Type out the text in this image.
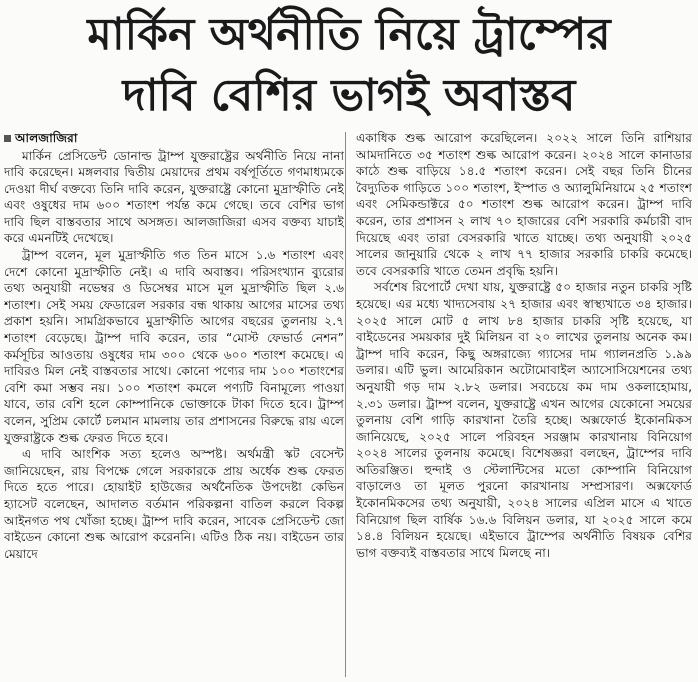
মার্কিন অর্থনীতি নিয়ে ট্রাম্পের
দাবি বেশির ভাগই অবাস্তব
আলজাজিরা

মার্কিন প্রেসিডেন্ট ডোনাল্ড ট্রাম্প যুক্তরাষ্ট্রের অর্থনীতি নিয়ে নানা দাবি করেছেন। মঙ্গলবার দ্বিতীয় মেয়াদের প্রথম বর্ষপূর্তিতে গণমাধ্যমকে দেওয়া দীর্ঘ বক্তব্যে তিনি দাবি করেন, যুক্তরাষ্ট্রে কোনো মুদ্রাস্ফীতি নেই এবং ওষুধের দাম ৬০০ শতাংশ পর্যন্ত কমে গেছে। তবে বেশির ভাগ দাবি ছিল বাস্তবতার সাথে অসঙ্গত। আলজাজিরা এসব বক্তব্য যাচাই করে এমনটিই দেখেছে।

ট্রাম্প বলেন, মূল মুদ্রাস্ফীতি গত তিন মাসে ১.৬ শতাংশ এবং দেশে কোনো মুদ্রাস্ফীতি নেই। এ দাবি অবাস্তব। পরিসংখ্যান ব্যুরোর তথ্য অনুযায়ী নভেম্বর ও ডিসেম্বর মাসে মূল মুদ্রাস্ফীতি ছিল ২.৬ শতাংশ। সেই সময় ফেডারেল সরকার বন্ধ থাকায় আগের মাসের তথ্য প্রকাশ হয়নি। সামগ্রিকভাবে মুদ্রাস্ফীতি আগের বছরের তুলনায় ২.৭ শতাংশ বেড়েছে। ট্রাম্প দাবি করেন, তার “মোস্ট ফেভার্ড নেশন” কর্মসূচির আওতায় ওষুধের দাম ৩০০ থেকে ৬০০ শতাংশ কমেছে। এ দাবিরও মিল নেই বাস্তবতার সাথে। কোনো পণ্যের দাম ১০০ শতাংশের বেশি কমা সম্ভব নয়। ১০০ শতাংশ কমলে পণ্যটি বিনামূল্যে পাওয়া যাবে, তার বেশি হলে কোম্পানিকে ভোক্তাকে টাকা দিতে হবে। ট্রাম্প বলেন, সুপ্রিম কোর্টে চলমান মামলায় তার প্রশাসনের বিরুদ্ধে রায় এলে যুক্তরাষ্ট্রকে শুল্ক ফেরত দিতে হবে।

এ দাবি আংশিক সত্য হলেও অস্পষ্ট। অর্থমন্ত্রী স্কট বেসেন্ট জানিয়েছেন, রায় বিপক্ষে গেলে সরকারকে প্রায় অর্ধেক শুল্ক ফেরত দিতে হতে পারে। হোয়াইট হাউজের অর্থনৈতিক উপদেষ্টা কেভিন হ্যাসেট বলেছেন, আদালত বর্তমান পরিকল্পনা বাতিল করলে বিকল্প আইনগত পথ খোঁজা হচ্ছে। ট্রাম্প দাবি করেন, সাবেক প্রেসিডেন্ট জো বাইডেন কোনো শুল্ক আরোপ করেননি। এটিও ঠিক নয়। বাইডেন তার মেয়াদে

একাধিক শুল্ক আরোপ করেছিলেন। ২০২২ সালে তিনি রাশিয়ার আমদানিতে ৩৫ শতাংশ শুল্ক আরোপ করেন। ২০২৪ সালে কানাডার কাঠে শুল্ক বাড়িয়ে ১৪.৫ শতাংশ করেন। সেই বছর তিনি চীনের বৈদ্যুতিক গাড়িতে ১০০ শতাংশ, ইস্পাত ও অ্যালুমিনিয়ামে ২৫ শতাংশ এবং সেমিকন্ডাক্টরে ৫০ শতাংশ শুল্ক আরোপ করেন। ট্রাম্প দাবি করেন, তার প্রশাসন ২ লাখ ৭০ হাজারের বেশি সরকারি কর্মচারী বাদ দিয়েছে এবং তারা বেসরকারি খাতে যাচ্ছে। তথ্য অনুযায়ী ২০২৫ সালের জানুয়ারি থেকে ২ লাখ ৭৭ হাজার সরকারি চাকরি কমেছে। তবে বেসরকারি খাতে তেমন প্রবৃদ্ধি হয়নি।

সর্বশেষ রিপোর্টে দেখা যায়, যুক্তরাষ্ট্রে ৫০ হাজার নতুন চাকরি সৃষ্টি হয়েছে। এর মধ্যে খাদ্যসেবায় ২৭ হাজার এবং স্বাস্থ্যখাতে ৩৪ হাজার। ২০২৫ সালে মোট ৫ লাখ ৮৪ হাজার চাকরি সৃষ্টি হয়েছে, যা বাইডেনের সময়কার দুই মিলিয়ন বা ২০ লাখের তুলনায় অনেক কম। ট্রাম্প দাবি করেন, কিছু অঙ্গরাজ্যে গ্যাসের দাম গ্যালনপ্রতি ১.৯৯ ডলার। এটি ভুল। আমেরিকান অটোমোবাইল অ্যাসোসিয়েশনের তথ্য অনুযায়ী গড় দাম ২.৮২ ডলার। সবচেয়ে কম দাম ওকলাহোমায়, ২.৩১ ডলার। ট্রাম্প বলেন, যুক্তরাষ্ট্রে এখন আগের যেকোনো সময়ের তুলনায় বেশি গাড়ি কারখানা তৈরি হচ্ছে। অক্সফোর্ড ইকোনমিকস জানিয়েছে, ২০২৫ সালে পরিবহন সরঞ্জাম কারখানায় বিনিয়োগ ২০২৪ সালের তুলনায় কমেছে। বিশেষজ্ঞরা বলছেন, ট্রাম্পের দাবি অতিরঞ্জিত। হুন্দাই ও স্টেলান্টিসের মতো কোম্পানি বিনিয়োগ বাড়ালেও তা মূলত পুরনো কারখানায় সম্প্রসারণ। অক্সফোর্ড ইকোনমিকসের তথ্য অনুযায়ী, ২০২৪ সালের এপ্রিল মাসে এ খাতে বিনিয়োগ ছিল বার্ষিক ১৬.৬ বিলিয়ন ডলার, যা ২০২৫ সালে কমে ১৪.৪ বিলিয়ন হয়েছে। এইভাবে ট্রাম্পের অর্থনীতি বিষয়ক বেশির ভাগ বক্তব্যই বাস্তবতার সাথে মিলছে না।
